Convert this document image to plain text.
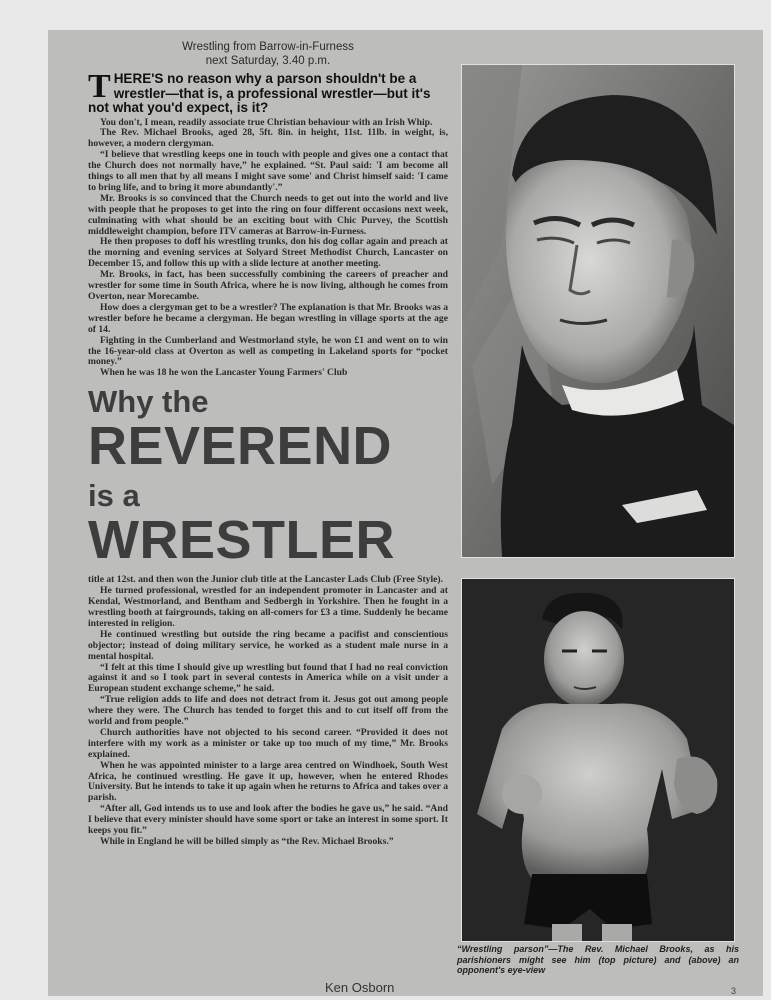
Wrestling from Barrow-in-Furness
next Saturday, 3.40 p.m.
THERE'S no reason why a parson shouldn't be a wrestler—that is, a professional wrestler—but it's not what you'd expect, is it?

You don't, I mean, readily associate true Christian behaviour with an Irish Whip.

The Rev. Michael Brooks, aged 28, 5ft. 8in. in height, 11st. 11lb. in weight, is, however, a modern clergyman.

“I believe that wrestling keeps one in touch with people and gives one a contact that the Church does not normally have,” he explained. “St. Paul said: 'I am become all things to all men that by all means I might save some' and Christ himself said: 'I came to bring life, and to bring it more abundantly'.”

Mr. Brooks is so convinced that the Church needs to get out into the world and live with people that he proposes to get into the ring on four different occasions next week, culminating with what should be an exciting bout with Chic Purvey, the Scottish middleweight champion, before ITV cameras at Barrow-in-Furness.

He then proposes to doff his wrestling trunks, don his dog collar again and preach at the morning and evening services at Solyard Street Methodist Church, Lancaster on December 15, and follow this up with a slide lecture at another meeting.

Mr. Brooks, in fact, has been successfully combining the careers of preacher and wrestler for some time in South Africa, where he is now living, although he comes from Overton, near Morecambe.

How does a clergyman get to be a wrestler? The explanation is that Mr. Brooks was a wrestler before he became a clergyman. He began wrestling in village sports at the age of 14.

Fighting in the Cumberland and Westmorland style, he won £1 and went on to win the 16-year-old class at Overton as well as competing in Lakeland sports for “pocket money.”

When he was 18 he won the Lancaster Young Farmers' Club

Why the
REVEREND
is a
WRESTLER

title at 12st. and then won the Junior club title at the Lancaster Lads Club (Free Style).

He turned professional, wrestled for an independent promoter in Lancaster and at Kendal, Westmorland, and Bentham and Sedbergh in Yorkshire. Then he fought in a wrestling booth at fairgrounds, taking on all-comers for £3 a time. Suddenly he became interested in religion.

He continued wrestling but outside the ring became a pacifist and conscientious objector; instead of doing military service, he worked as a student male nurse in a mental hospital.

“I felt at this time I should give up wrestling but found that I had no real conviction against it and so I took part in several contests in America while on a visit under a European student exchange scheme,” he said.

“True religion adds to life and does not detract from it. Jesus got out among people where they were. The Church has tended to forget this and to cut itself off from the world and from people.”

Church authorities have not objected to his second career. “Provided it does not interfere with my work as a minister or take up too much of my time,” Mr. Brooks explained.

When he was appointed minister to a large area centred on Windhoek, South West Africa, he continued wrestling. He gave it up, however, when he entered Rhodes University. But he intends to take it up again when he returns to Africa and takes over a parish.

“After all, God intends us to use and look after the bodies he gave us,” he said. “And I believe that every minister should have some sport or take an interest in some sport. It keeps you fit.”

While in England he will be billed simply as “the Rev. Michael Brooks.”

“Wrestling parson”—The Rev. Michael Brooks, as his parishioners might see him (top picture) and (above) an opponent's eye-view
Ken Osborn	3
